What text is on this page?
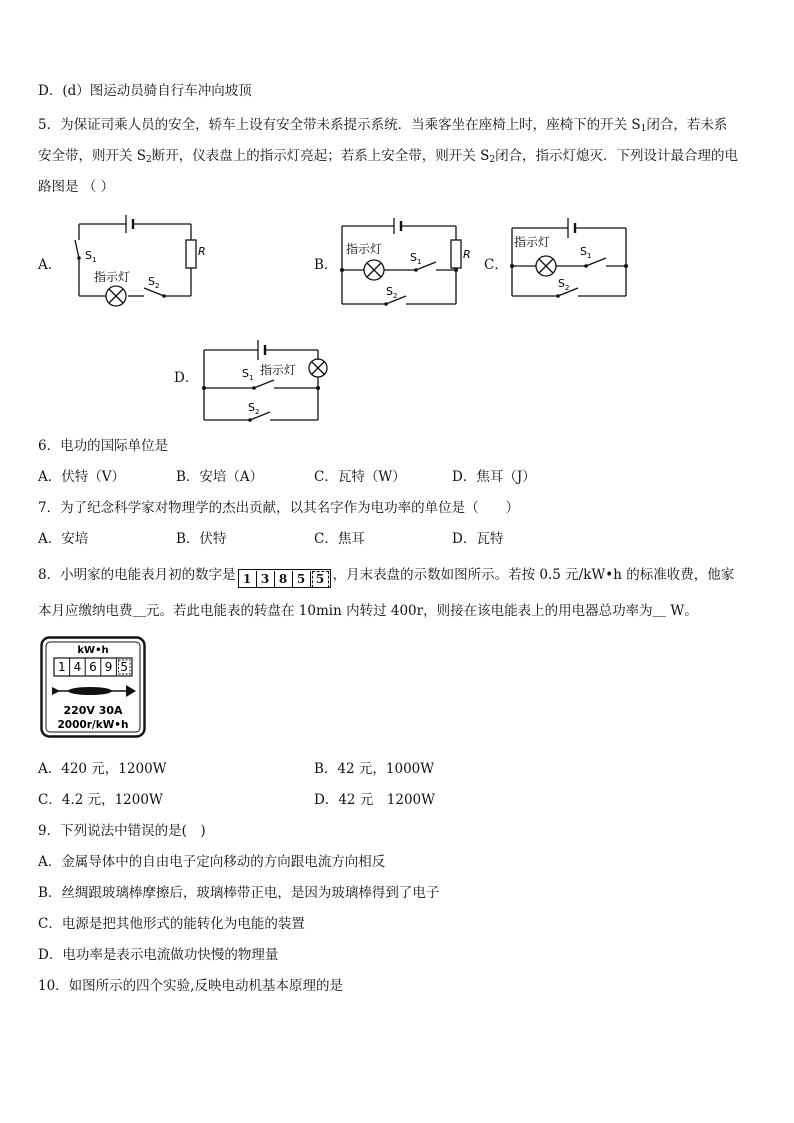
D．(d）图运动员骑自行车冲向坡顶
5．为保证司乘人员的安全，轿车上设有安全带未系提示系统．当乘客坐在座椅上时，座椅下的开关 $S_1$闭合，若未系
安全带，则开关 $S_2$断开，仪表盘上的指示灯亮起；若系上安全带，则开关 $S_2$闭合，指示灯熄灭．下列设计最合理的电
路图是 （ ）
A．
$S_1$
R
指示灯 $S_2$
B．
指示灯
$S_1$
R
$S_2$
C．
指示灯
$S_1$
$S_2$
D．	$S_1$
指示灯
$S_2$
6．电功的国际单位是
A．伏特（V）	B．安培（A）	C．瓦特（W）	D．焦耳（J）
7．为了纪念科学家对物理学的杰出贡献，以其名字作为电功率的单位是（　　）
A．安培	B．伏特	C．焦耳	D．瓦特
8．小明家的电能表月初的数字是 1 3 8 5 5 ，月末表盘的示数如图所示。若按 0.5 元/kW•h 的标准收费，他家
本月应缴纳电费＿元。若此电能表的转盘在 10min 内转过 400r，则接在该电能表上的用电器总功率为＿ W。
kW•h
1 4 6 9 5
220V 30A
2000r/kW•h
A．420 元，1200W	B．42 元，1000W
C．4.2 元，1200W	D．42 元　1200W
9．下列说法中错误的是(　)
A．金属导体中的自由电子定向移动的方向跟电流方向相反
B．丝绸跟玻璃棒摩擦后，玻璃棒带正电，是因为玻璃棒得到了电子
C．电源是把其他形式的能转化为电能的装置
D．电功率是表示电流做功快慢的物理量
10．如图所示的四个实验,反映电动机基本原理的是
